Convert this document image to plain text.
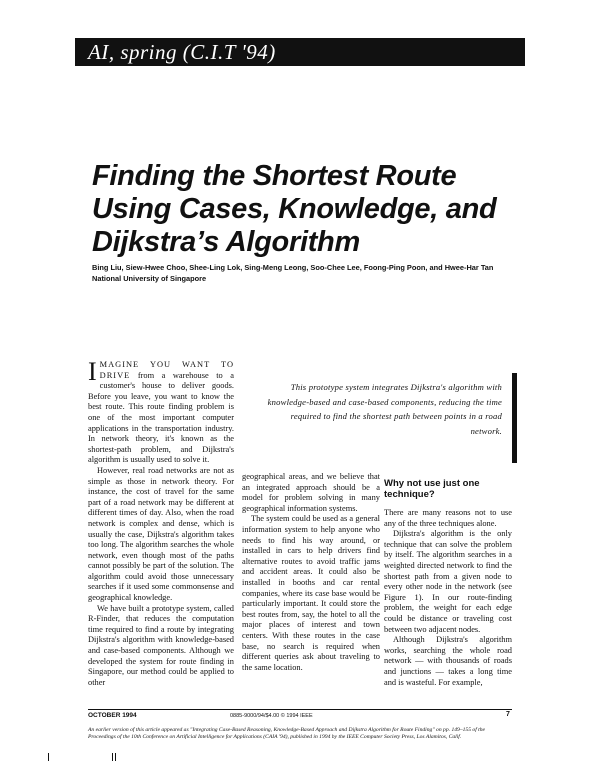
AI, spring (C.I.T '94)
Finding the Shortest Route
Using Cases, Knowledge, and
Dijkstra’s Algorithm
Bing Liu, Siew-Hwee Choo, Shee-Ling Lok, Sing-Meng Leong, Soo-Chee Lee, Foong-Ping Poon, and Hwee-Har Tan
National University of Singapore

IMAGINE YOU WANT TO DRIVE from a warehouse to a customer's house to deliver goods. Before you leave, you want to know the best route. This route finding problem is one of the most important computer applications in the transportation industry. In network theory, it's known as the shortest-path problem, and Dijkstra's algorithm is usually used to solve it.

However, real road networks are not as simple as those in network theory. For instance, the cost of travel for the same part of a road network may be different at different times of day. Also, when the road network is complex and dense, which is usually the case, Dijkstra's algorithm takes too long. The algorithm searches the whole network, even though most of the paths cannot possibly be part of the solution. The algorithm could avoid those unnecessary searches if it used some commonsense and geographical knowledge.

We have built a prototype system, called R-Finder, that reduces the computation time required to find a route by integrating Dijkstra's algorithm with knowledge-based and case-based components. Although we developed the system for route finding in Singapore, our method could be applied to other

This prototype system integrates Dijkstra's algorithm with knowledge-based and case-based components, reducing the time required to find the shortest path between points in a road network.

geographical areas, and we believe that an integrated approach should be a model for problem solving in many geographical information systems.

The system could be used as a general information system to help anyone who needs to find his way around, or installed in cars to help drivers find alternative routes to avoid traffic jams and accident areas. It could also be installed in booths and car rental companies, where its case base would be particularly important. It could store the best routes from, say, the hotel to all the major places of interest and town centers. With these routes in the case base, no search is required when different queries ask about traveling to the same location.

Why not use just one technique?

There are many reasons not to use any of the three techniques alone.

Dijkstra's algorithm is the only technique that can solve the problem by itself. The algorithm searches in a weighted directed network to find the shortest path from a given node to every other node in the network (see Figure 1). In our route-finding problem, the weight for each edge could be distance or traveling cost between two adjacent nodes.

Although Dijkstra's algorithm works, searching the whole road network — with thousands of roads and junctions — takes a long time and is wasteful. For example,

OCTOBER 1994	0885-9000/94/$4.00 © 1994 IEEE	7
An earlier version of this article appeared as "Integrating Case-Based Reasoning, Knowledge-Based Approach and Dijkstra Algorithm for Route Finding" on pp. 149–155 of the Proceedings of the 10th Conference on Artificial Intelligence for Applications (CAIA '94), published in 1994 by the IEEE Computer Society Press, Los Alamitos, Calif.
